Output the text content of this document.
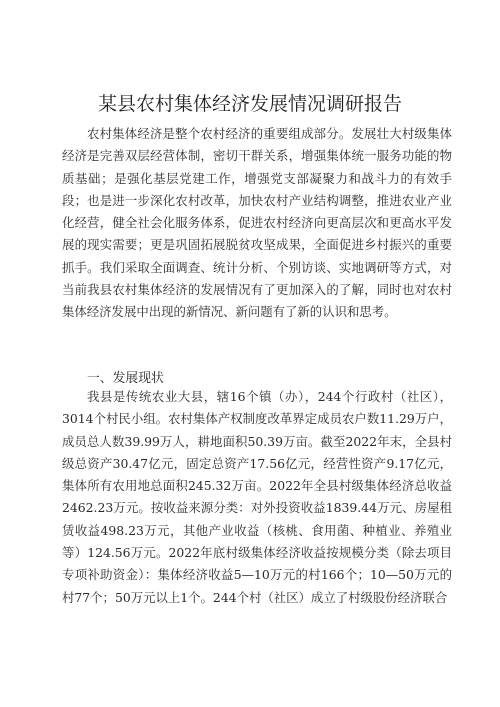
某县农村集体经济发展情况调研报告

农村集体经济是整个农村经济的重要组成部分。发展壮大村级集体经济是完善双层经营体制，密切干群关系，增强集体统一服务功能的物质基础；是强化基层党建工作，增强党支部凝聚力和战斗力的有效手段；也是进一步深化农村改革，加快农村产业结构调整，推进农业产业化经营，健全社会化服务体系，促进农村经济向更高层次和更高水平发展的现实需要；更是巩固拓展脱贫攻坚成果，全面促进乡村振兴的重要抓手。我们采取全面调查、统计分析、个别访谈、实地调研等方式，对当前我县农村集体经济的发展情况有了更加深入的了解，同时也对农村集体经济发展中出现的新情况、新问题有了新的认识和思考。

一、发展现状

我县是传统农业大县，辖16个镇（办），244个行政村（社区），3014个村民小组。农村集体产权制度改革界定成员农户数11.29万户，成员总人数39.99万人，耕地面积50.39万亩。截至2022年末，全县村级总资产30.47亿元，固定总资产17.56亿元，经营性资产9.17亿元，集体所有农用地总面积245.32万亩。2022年全县村级集体经济总收益2462.23万元。按收益来源分类：对外投资收益1839.44万元、房屋租赁收益498.23万元，其他产业收益（核桃、食用菌、种植业、养殖业等）124.56万元。2022年底村级集体经济收益按规模分类（除去项目专项补助资金）：集体经济收益5—10万元的村166个；10—50万元的村77个；50万元以上1个。244个村（社区）成立了村级股份经济联合
